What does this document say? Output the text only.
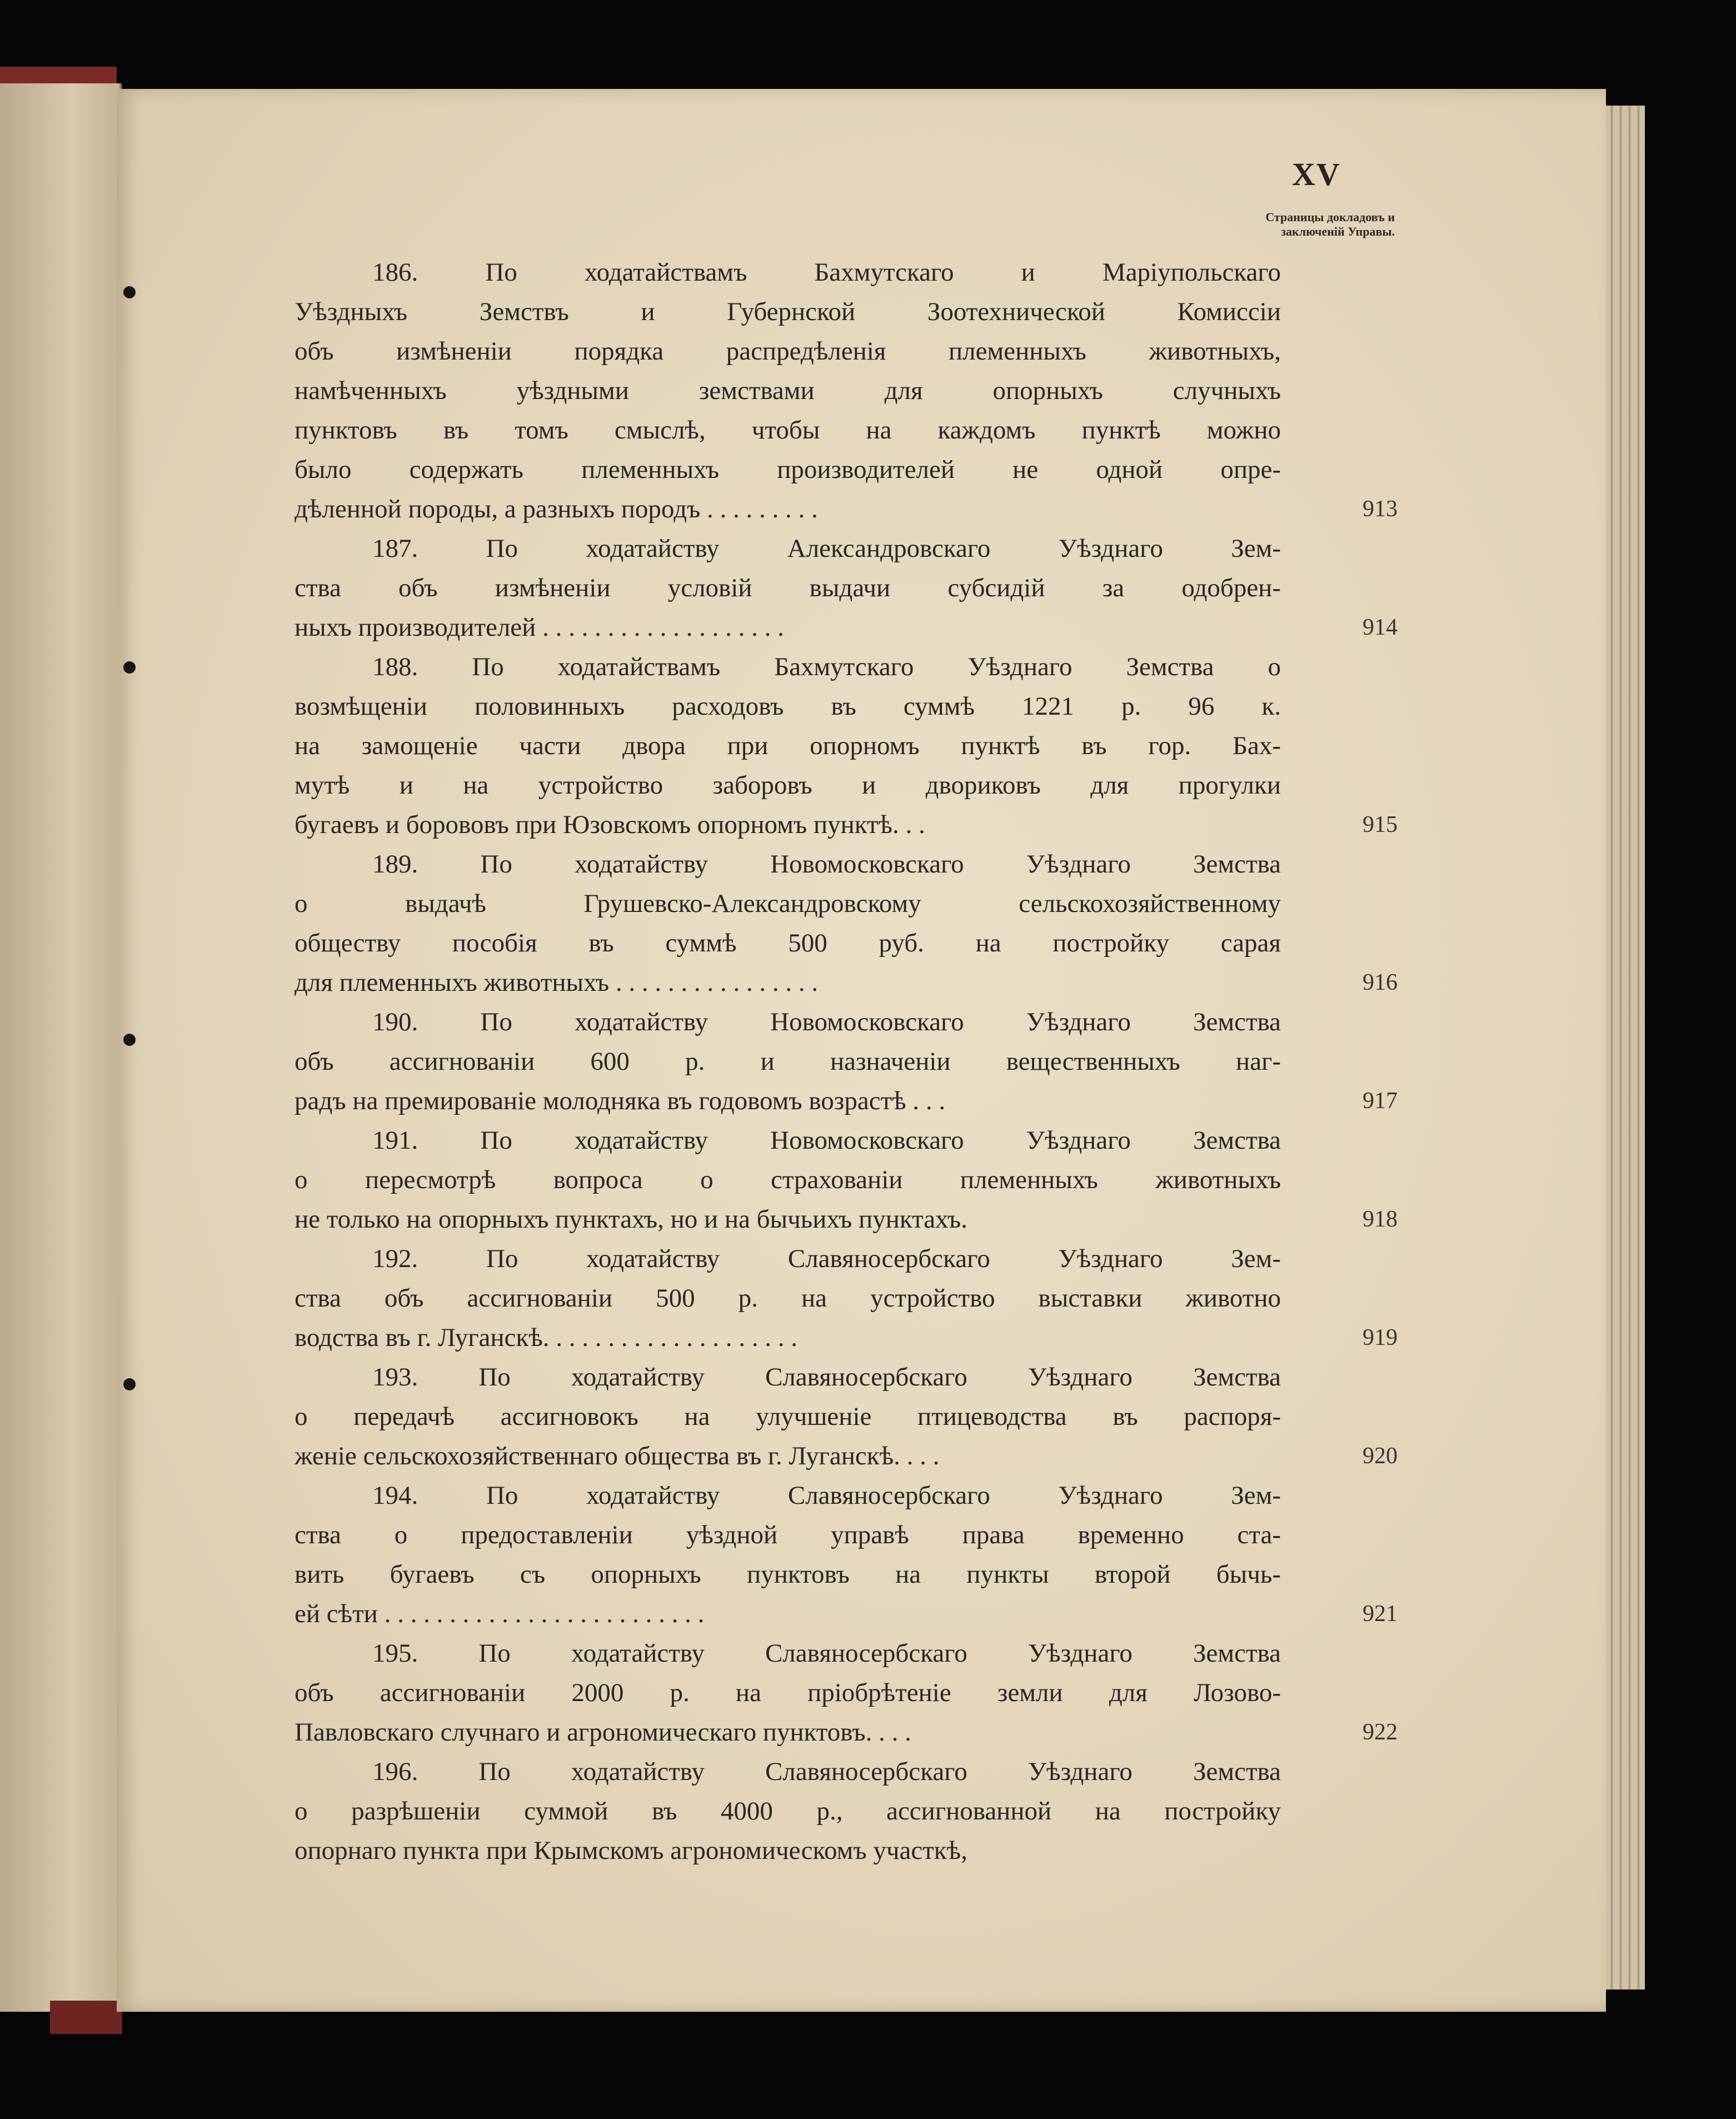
XV
Страницы докладовъ и
заключенiй Управы.
186. По ходатайствамъ Бахмутскаго и Марiупольскаго
Уѣздныхъ Земствъ и Губернской Зоотехнической Комиссiи
объ измѣненiи порядка распредѣленiя племенныхъ животныхъ,
намѣченныхъ уѣздными земствами для опорныхъ случныхъ
пунктовъ въ томъ смыслѣ, чтобы на каждомъ пунктѣ можно
было содержать племенныхъ производителей не одной опре-
дѣленной породы, а разныхъ породъ . . . . . . . . .	913
187. По ходатайству Александровскаго Уѣзднаго Зем-
ства объ измѣненiи условiй выдачи субсидiй за одобрен-
ныхъ производителей . . . . . . . . . . . . . . . . . . .	914
188. По ходатайствамъ Бахмутскаго Уѣзднаго Земства о
возмѣщенiи половинныхъ расходовъ въ суммѣ 1221 р. 96 к.
на замощенiе части двора при опорномъ пунктѣ въ гор. Бах-
мутѣ и на устройство заборовъ и двориковъ для прогулки
бугаевъ и борововъ при Юзовскомъ опорномъ пунктѣ. . .	915
189. По ходатайству Новомосковскаго Уѣзднаго Земства
о выдачѣ Грушевско-Александровскому сельскохозяйственному
обществу пособiя въ суммѣ 500 руб. на постройку сарая
для племенныхъ животныхъ . . . . . . . . . . . . . . . .	916
190. По ходатайству Новомосковскаго Уѣзднаго Земства
объ ассигнованiи 600 р. и назначенiи вещественныхъ наг-
радъ на премированiе молодняка въ годовомъ возрастѣ . . .	917
191. По ходатайству Новомосковскаго Уѣзднаго Земства
о пересмотрѣ вопроса о страхованiи племенныхъ животныхъ
не только на опорныхъ пунктахъ, но и на бычьихъ пунктахъ.	918
192. По ходатайству Славяносербскаго Уѣзднаго Зем-
ства объ ассигнованiи 500 р. на устройство выставки животно
водства въ г. Луганскѣ. . . . . . . . . . . . . . . . . . . .	919
193. По ходатайству Славяносербскаго Уѣзднаго Земства
о передачѣ ассигновокъ на улучшенiе птицеводства въ распоря-
женiе сельскохозяйственнаго общества въ г. Луганскѣ. . . .	920
194. По ходатайству Славяносербскаго Уѣзднаго Зем-
ства о предоставленiи уѣздной управѣ права временно ста-
вить бугаевъ съ опорныхъ пунктовъ на пункты второй бычь-
ей сѣти . . . . . . . . . . . . . . . . . . . . . . . . .	921
195. По ходатайству Славяносербскаго Уѣзднаго Земства
объ ассигнованiи 2000 р. на прiобрѣтенiе земли для Лозово-
Павловскаго случнаго и агрономическаго пунктовъ. . . .	922
196. По ходатайству Славяносербскаго Уѣзднаго Земства
о разрѣшенiи суммой въ 4000 р., ассигнованной на постройку
опорнаго пункта при Крымскомъ агрономическомъ участкѣ,
